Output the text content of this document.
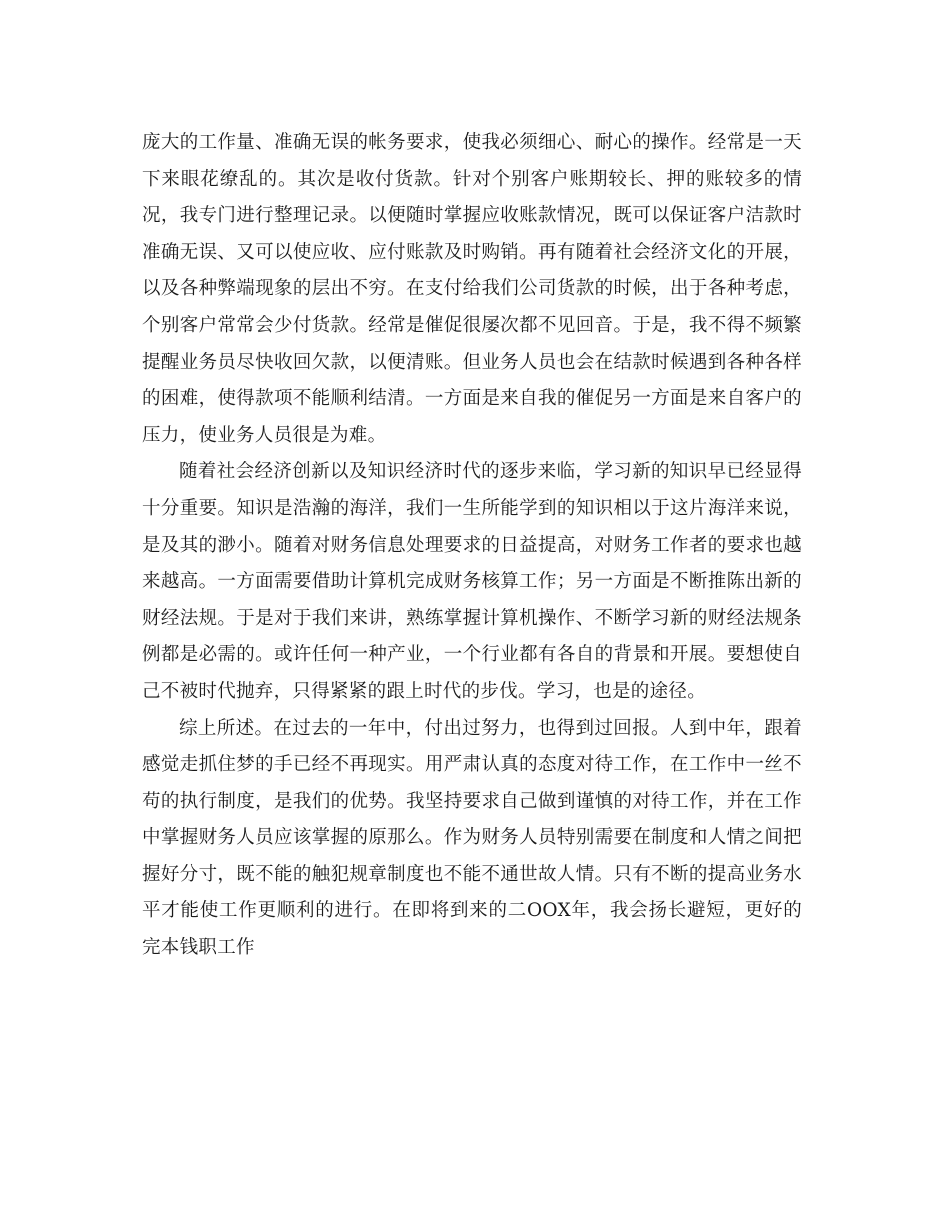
庞大的工作量、准确无误的帐务要求，使我必须细心、耐心的操作。经常是一天下来眼花缭乱的。其次是收付货款。针对个别客户账期较长、押的账较多的情况，我专门进行整理记录。以便随时掌握应收账款情况，既可以保证客户洁款时准确无误、又可以使应收、应付账款及时购销。再有随着社会经济文化的开展，以及各种弊端现象的层出不穷。在支付给我们公司货款的时候，出于各种考虑，个别客户常常会少付货款。经常是催促很屡次都不见回音。于是，我不得不频繁提醒业务员尽快收回欠款，以便清账。但业务人员也会在结款时候遇到各种各样的困难，使得款项不能顺利结清。一方面是来自我的催促另一方面是来自客户的压力，使业务人员很是为难。

随着社会经济创新以及知识经济时代的逐步来临，学习新的知识早已经显得十分重要。知识是浩瀚的海洋，我们一生所能学到的知识相以于这片海洋来说，是及其的渺小。随着对财务信息处理要求的日益提高，对财务工作者的要求也越来越高。一方面需要借助计算机完成财务核算工作；另一方面是不断推陈出新的财经法规。于是对于我们来讲，熟练掌握计算机操作、不断学习新的财经法规条例都是必需的。或许任何一种产业，一个行业都有各自的背景和开展。要想使自己不被时代抛弃，只得紧紧的跟上时代的步伐。学习，也是的途径。

综上所述。在过去的一年中，付出过努力，也得到过回报。人到中年，跟着感觉走抓住梦的手已经不再现实。用严肃认真的态度对待工作，在工作中一丝不苟的执行制度，是我们的优势。我坚持要求自己做到谨慎的对待工作，并在工作中掌握财务人员应该掌握的原那么。作为财务人员特别需要在制度和人情之间把握好分寸，既不能的触犯规章制度也不能不通世故人情。只有不断的提高业务水平才能使工作更顺利的进行。在即将到来的二OOX年，我会扬长避短，更好的完本钱职工作
